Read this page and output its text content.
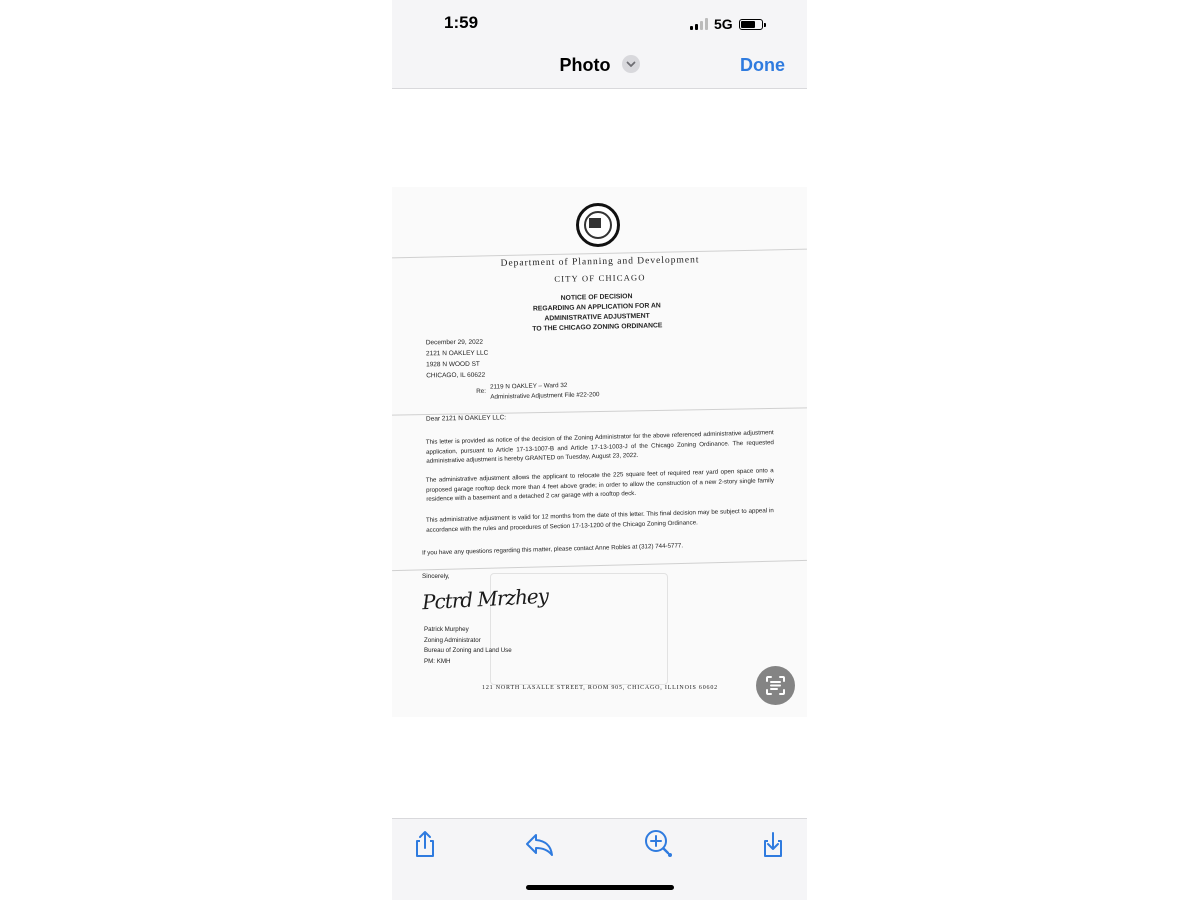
1:59	5G
Photo	Done
Department of Planning and Development
CITY OF CHICAGO
NOTICE OF DECISION
REGARDING AN APPLICATION FOR AN
ADMINISTRATIVE ADJUSTMENT
TO THE CHICAGO ZONING ORDINANCE
December 29, 2022
2121 N OAKLEY LLC
1928 N WOOD ST
CHICAGO, IL 60622
Re:
2119 N OAKLEY – Ward 32
Administrative Adjustment File #22-200
Dear 2121 N OAKLEY LLC:
This letter is provided as notice of the decision of the Zoning Administrator for the above referenced administrative adjustment application, pursuant to Article 17-13-1007-B and Article 17-13-1003-J of the Chicago Zoning Ordinance. The requested administrative adjustment is hereby GRANTED on Tuesday, August 23, 2022.
The administrative adjustment allows the applicant to relocate the 225 square feet of required rear yard open space onto a proposed garage rooftop deck more than 4 feet above grade; in order to allow the construction of a new 2-story single family residence with a basement and a detached 2 car garage with a rooftop deck.
This administrative adjustment is valid for 12 months from the date of this letter. This final decision may be subject to appeal in accordance with the rules and procedures of Section 17-13-1200 of the Chicago Zoning Ordinance.
If you have any questions regarding this matter, please contact Anne Robles at (312) 744-5777.
Sincerely,
Pctrd Mrzhey
Patrick Murphey
Zoning Administrator
Bureau of Zoning and Land Use
PM: KMH
121 NORTH LASALLE STREET, ROOM 905, CHICAGO, ILLINOIS 60602
